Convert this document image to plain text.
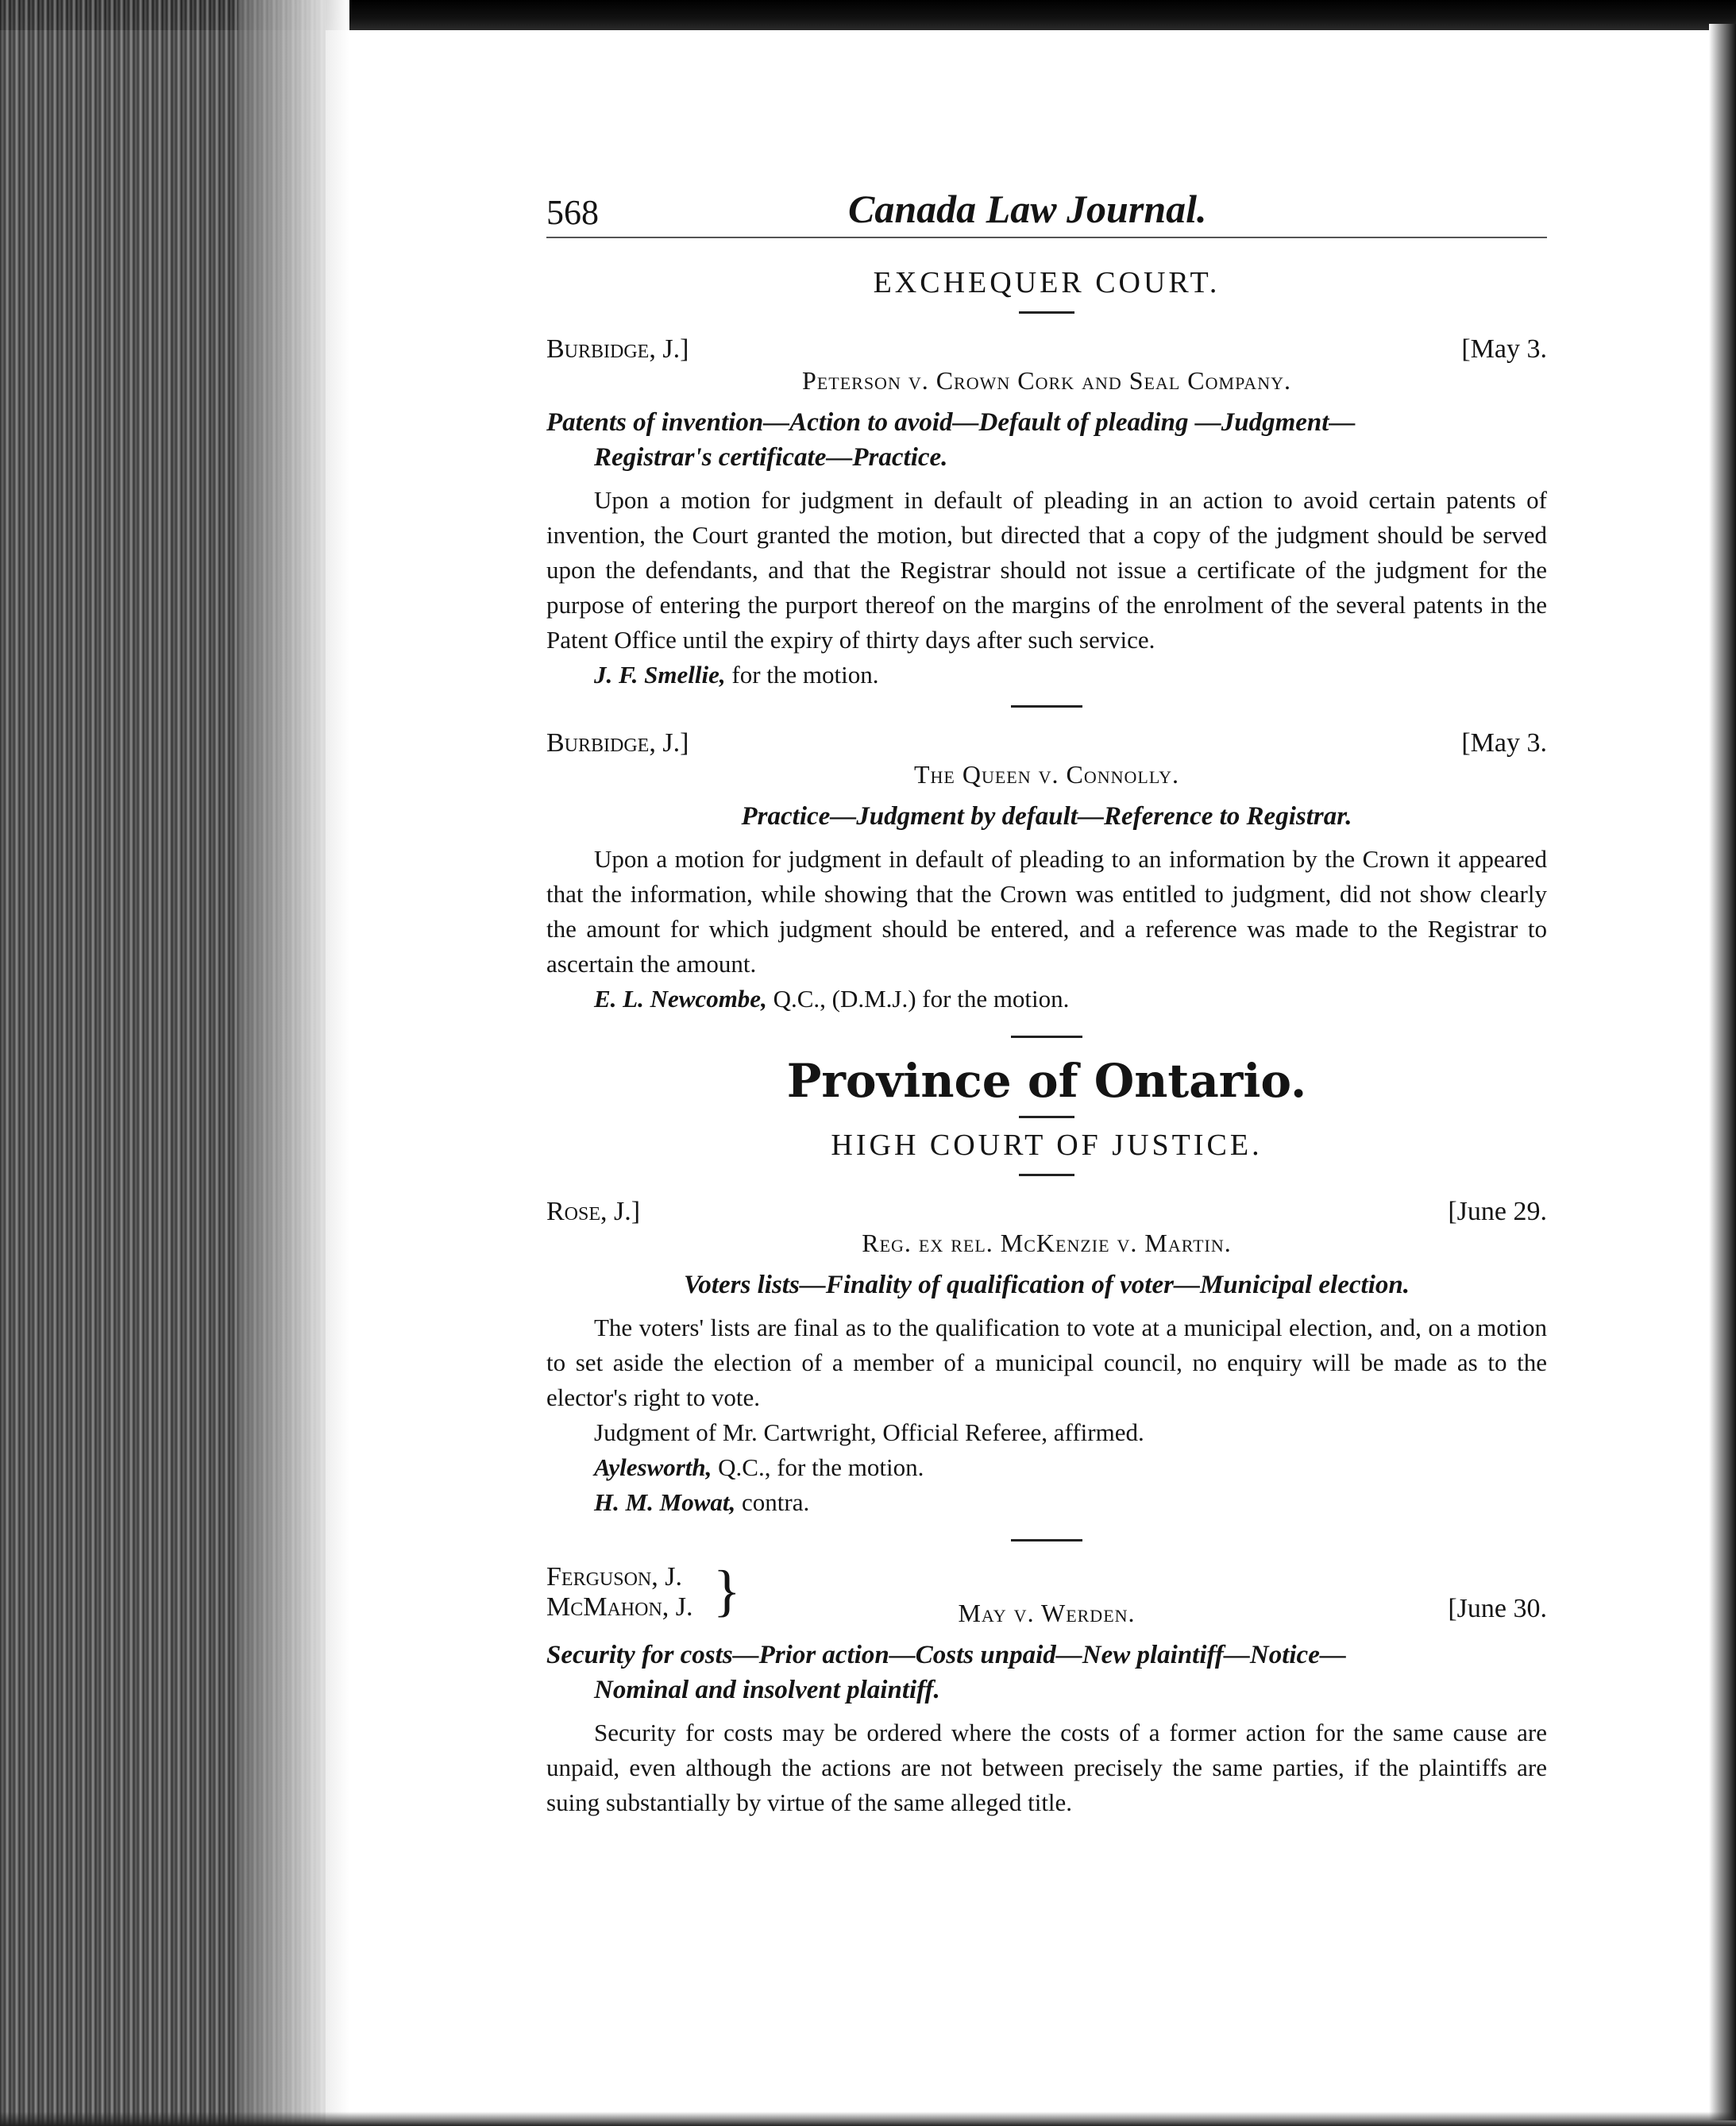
568	Canada Law Journal.
EXCHEQUER COURT.
Burbidge, J.]	[May 3.
Peterson v. Crown Cork and Seal Company.
Patents of invention—Action to avoid—Default of pleading —Judgment—
Registrar's certificate—Practice.

Upon a motion for judgment in default of pleading in an action to avoid certain patents of invention, the Court granted the motion, but directed that a copy of the judgment should be served upon the defendants, and that the Registrar should not issue a certificate of the judgment for the purpose of entering the purport thereof on the margins of the enrolment of the several patents in the Patent Office until the expiry of thirty days after such service.

J. F. Smellie, for the motion.

Burbidge, J.]	[May 3.
The Queen v. Connolly.
Practice—Judgment by default—Reference to Registrar.

Upon a motion for judgment in default of pleading to an information by the Crown it appeared that the information, while showing that the Crown was entitled to judgment, did not show clearly the amount for which judgment should be entered, and a reference was made to the Registrar to ascertain the amount.

E. L. Newcombe, Q.C., (D.M.J.) for the motion.

Province of Ontario.
HIGH COURT OF JUSTICE.
Rose, J.]	[June 29.
Reg. ex rel. McKenzie v. Martin.
Voters lists—Finality of qualification of voter—Municipal election.

The voters' lists are final as to the qualification to vote at a municipal election, and, on a motion to set aside the election of a member of a municipal council, no enquiry will be made as to the elector's right to vote.

Judgment of Mr. Cartwright, Official Referee, affirmed.

Aylesworth, Q.C., for the motion.

H. M. Mowat, contra.

Ferguson, J.
McMahon, J. }	[June 30.
May v. Werden.
Security for costs—Prior action—Costs unpaid—New plaintiff—Notice—
Nominal and insolvent plaintiff.

Security for costs may be ordered where the costs of a former action for the same cause are unpaid, even although the actions are not between precisely the same parties, if the plaintiffs are suing substantially by virtue of the same alleged title.
